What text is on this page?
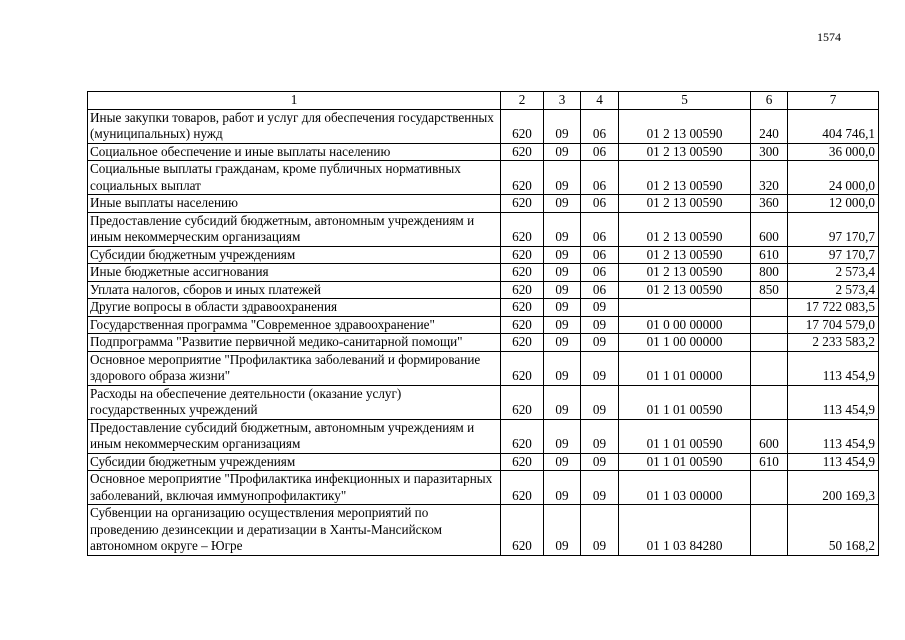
1574
1	2	3	4	5	6	7
Иные закупки товаров, работ и услуг для обеспечения государственных (муниципальных) нужд	620	09	06	01 2 13 00590	240	404 746,1
Социальное обеспечение и иные выплаты населению	620	09	06	01 2 13 00590	300	36 000,0
Социальные выплаты гражданам, кроме публичных нормативных социальных выплат	620	09	06	01 2 13 00590	320	24 000,0
Иные выплаты населению	620	09	06	01 2 13 00590	360	12 000,0
Предоставление субсидий бюджетным, автономным учреждениям и иным некоммерческим организациям	620	09	06	01 2 13 00590	600	97 170,7
Субсидии бюджетным учреждениям	620	09	06	01 2 13 00590	610	97 170,7
Иные бюджетные ассигнования	620	09	06	01 2 13 00590	800	2 573,4
Уплата налогов, сборов и иных платежей	620	09	06	01 2 13 00590	850	2 573,4
Другие вопросы в области здравоохранения	620	09	09			17 722 083,5
Государственная программа "Современное здравоохранение"	620	09	09	01 0 00 00000		17 704 579,0
Подпрограмма "Развитие первичной медико-санитарной помощи"	620	09	09	01 1 00 00000		2 233 583,2
Основное мероприятие "Профилактика заболеваний и формирование здорового образа жизни"	620	09	09	01 1 01 00000		113 454,9
Расходы на обеспечение деятельности (оказание услуг) государственных учреждений	620	09	09	01 1 01 00590		113 454,9
Предоставление субсидий бюджетным, автономным учреждениям и иным некоммерческим организациям	620	09	09	01 1 01 00590	600	113 454,9
Субсидии бюджетным учреждениям	620	09	09	01 1 01 00590	610	113 454,9
Основное мероприятие "Профилактика инфекционных и паразитарных заболеваний, включая иммунопрофилактику"	620	09	09	01 1 03 00000		200 169,3
Субвенции на организацию осуществления мероприятий по проведению дезинсекции и дератизации в Ханты-Мансийском автономном округе – Югре	620	09	09	01 1 03 84280		50 168,2
